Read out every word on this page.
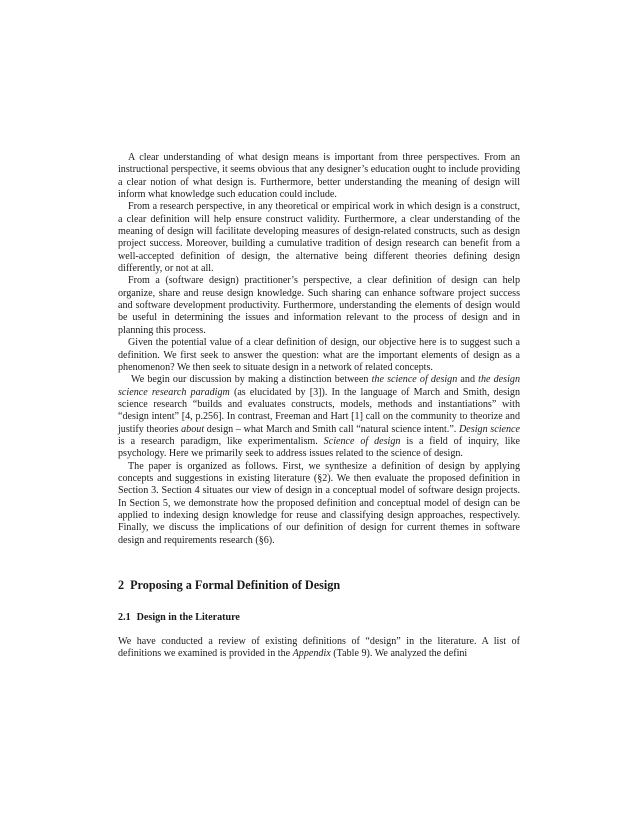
A clear understanding of what design means is important from three perspectives. From an instructional perspective, it seems obvious that any designer’s education ought to include providing a clear notion of what design is. Furthermore, better understanding the meaning of design will inform what knowledge such education could include.

From a research perspective, in any theoretical or empirical work in which design is a construct, a clear definition will help ensure construct validity. Furthermore, a clear understanding of the meaning of design will facilitate developing measures of design-related constructs, such as design project success. Moreover, building a cumulative tradition of design research can benefit from a well-accepted definition of design, the alternative being different theories defining design differently, or not at all.

From a (software design) practitioner’s perspective, a clear definition of design can help organize, share and reuse design knowledge. Such sharing can enhance software project success and software development productivity. Furthermore, understanding the elements of design would be useful in determining the issues and information relevant to the process of design and in planning this process.

Given the potential value of a clear definition of design, our objective here is to suggest such a definition. We first seek to answer the question: what are the important elements of design as a phenomenon? We then seek to situate design in a network of related concepts.

We begin our discussion by making a distinction between the science of design and the design science research paradigm (as elucidated by [3]). In the language of March and Smith, design science research “builds and evaluates constructs, models, methods and instantiations” with “design intent” [4, p.256]. In contrast, Freeman and Hart [1] call on the community to theorize and justify theories about design – what March and Smith call “natural science intent.”. Design science is a research paradigm, like experimentalism. Science of design is a field of inquiry, like psychology. Here we primarily seek to address issues related to the science of design.

The paper is organized as follows. First, we synthesize a definition of design by applying concepts and suggestions in existing literature (§2). We then evaluate the proposed definition in Section 3. Section 4 situates our view of design in a conceptual model of software design projects. In Section 5, we demonstrate how the proposed definition and conceptual model of design can be applied to indexing design knowledge for reuse and classifying design approaches, respectively. Finally, we discuss the implications of our definition of design for current themes in software design and requirements research (§6).

2 Proposing a Formal Definition of Design
2.1 Design in the Literature

We have conducted a review of existing definitions of “design” in the literature. A list of definitions we examined is provided in the Appendix (Table 9). We analyzed the defini
